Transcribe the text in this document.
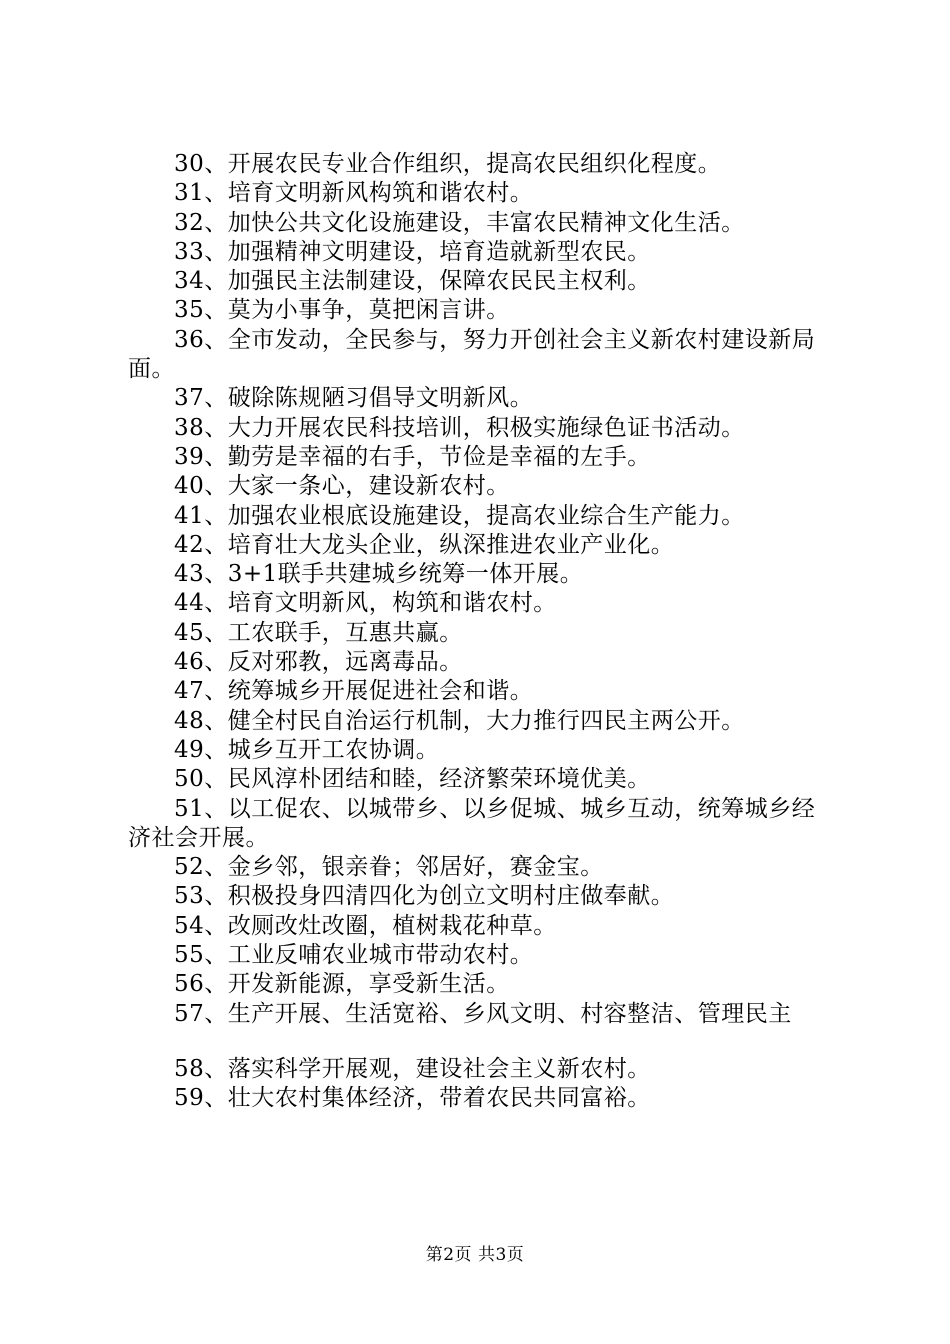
30、开展农民专业合作组织，提高农民组织化程度。

31、培育文明新风构筑和谐农村。

32、加快公共文化设施建设，丰富农民精神文化生活。

33、加强精神文明建设，培育造就新型农民。

34、加强民主法制建设，保障农民民主权利。

35、莫为小事争，莫把闲言讲。

36、全市发动，全民参与，努力开创社会主义新农村建设新局面。

37、破除陈规陋习倡导文明新风。

38、大力开展农民科技培训，积极实施绿色证书活动。

39、勤劳是幸福的右手，节俭是幸福的左手。

40、大家一条心，建设新农村。

41、加强农业根底设施建设，提高农业综合生产能力。

42、培育壮大龙头企业，纵深推进农业产业化。

43、3+1联手共建城乡统筹一体开展。

44、培育文明新风，构筑和谐农村。

45、工农联手，互惠共赢。

46、反对邪教，远离毒品。

47、统筹城乡开展促进社会和谐。

48、健全村民自治运行机制，大力推行四民主两公开。

49、城乡互开工农协调。

50、民风淳朴团结和睦，经济繁荣环境优美。

51、以工促农、以城带乡、以乡促城、城乡互动，统筹城乡经济社会开展。

52、金乡邻，银亲眷；邻居好，赛金宝。

53、积极投身四清四化为创立文明村庄做奉献。

54、改厕改灶改圈，植树栽花种草。

55、工业反哺农业城市带动农村。

56、开发新能源，享受新生活。

57、生产开展、生活宽裕、乡风文明、村容整洁、管理民主

58、落实科学开展观，建设社会主义新农村。

59、壮大农村集体经济，带着农民共同富裕。

第2页 共3页
